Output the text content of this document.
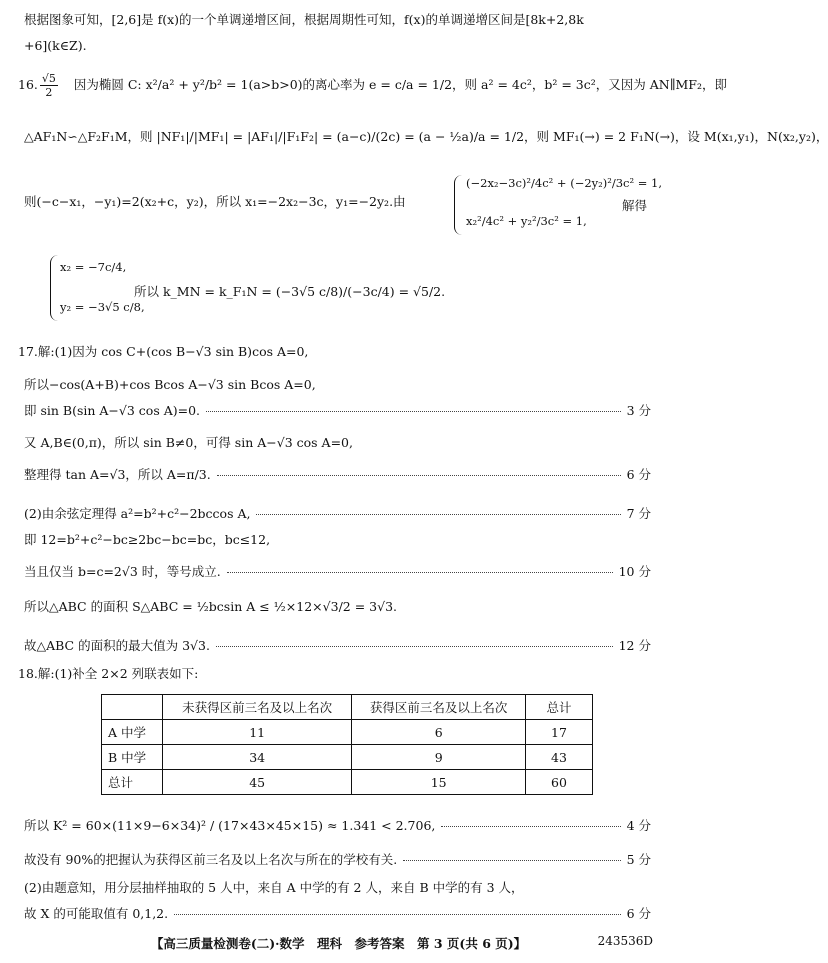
根据图象可知，[2,6]是 f(x)的一个单调递增区间，根据周期性可知，f(x)的单调递增区间是[8k+2,8k
+6](k∈Z).
16. $\frac{√5}{2}$ 因为椭圆 C: x²/a² + y²/b² = 1(a>b>0)的离心率为 e = c/a = 1/2，则 a² = 4c²，b² = 3c²，又因为 AN∥MF₂，即
△AF₁N∽△F₂F₁M，则 |NF₁|/|MF₁| = |AF₁|/|F₁F₂| = (a−c)/(2c) = (a − ½a)/a = 1/2，则 MF₁(→) = 2 F₁N(→)，设 M(x₁,y₁)，N(x₂,y₂)，
则(−c−x₁，−y₁)=2(x₂+c，y₂)，所以 x₁=−2x₂−3c，y₁=−2y₂.由
(−2x₂−3c)²/4c² + (−2y₂)²/3c² = 1,
x₂²/4c² + y₂²/3c² = 1,
解得
x₂ = −7c/4,
y₂ = −3√5 c/8,
所以 k_MN = k_F₁N = (−3√5 c/8)/(−3c/4) = √5/2.
17.解:(1)因为 cos C+(cos B−√3 sin B)cos A=0,
所以−cos(A+B)+cos Bcos A−√3 sin Bcos A=0,
即 sin B(sin A−√3 cos A)=0.	3 分
又 A,B∈(0,π)，所以 sin B≠0，可得 sin A−√3 cos A=0,
整理得 tan A=√3，所以 A=π/3.	6 分
(2)由余弦定理得 a²=b²+c²−2bccos A,	7 分
即 12=b²+c²−bc≥2bc−bc=bc，bc≤12,
当且仅当 b=c=2√3 时，等号成立.	10 分
所以△ABC 的面积 S△ABC = ½bcsin A ≤ ½×12×√3/2 = 3√3.
故△ABC 的面积的最大值为 3√3.	12 分
18.解:(1)补全 2×2 列联表如下:
	未获得区前三名及以上名次	获得区前三名及以上名次	总计
A 中学	11	6	17
B 中学	34	9	43
总计	45	15	60
所以 K² = 60×(11×9−6×34)² / (17×43×45×15) ≈ 1.341 < 2.706,	4 分
故没有 90%的把握认为获得区前三名及以上名次与所在的学校有关.	5 分
(2)由题意知，用分层抽样抽取的 5 人中，来自 A 中学的有 2 人，来自 B 中学的有 3 人，
故 X 的可能取值有 0,1,2.	6 分
【高三质量检测卷(二)·数学　理科　参考答案　第 3 页(共 6 页)】	243536D
